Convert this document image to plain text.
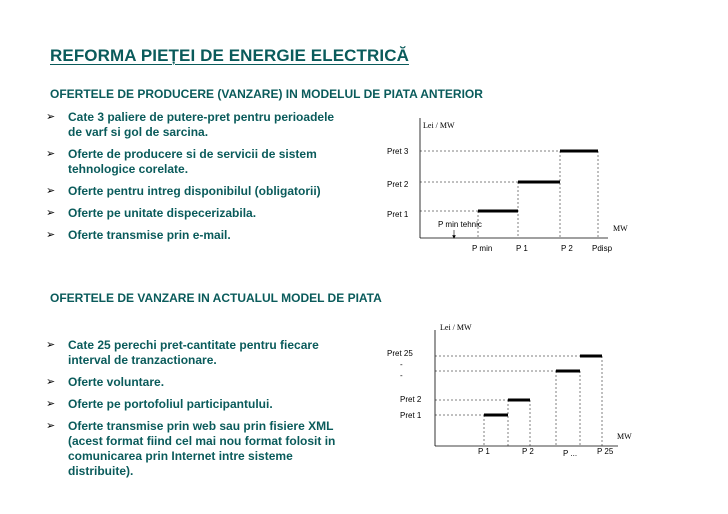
REFORMA PIEȚEI DE ENERGIE ELECTRICĂ
OFERTELE DE PRODUCERE (VANZARE) IN MODELUL DE PIATA ANTERIOR
➢ Cate 3 paliere de putere-pret pentru perioadele de varf si gol de sarcina.
➢ Oferte de producere si de servicii de sistem tehnologice corelate.
➢ Oferte pentru intreg disponibilul (obligatorii)
➢ Oferte pe unitate dispecerizabila.
➢ Oferte transmise prin e-mail.
Lei / MW
MW
Pret 3
Pret 2
Pret 1
P min tehnic
P min	P 1	P 2 Pdisp
OFERTELE DE VANZARE IN ACTUALUL MODEL DE PIATA
➢ Cate 25 perechi pret-cantitate pentru fiecare interval de tranzactionare.
➢ Oferte voluntare.
➢ Oferte pe portofoliul participantului.
➢ Oferte transmise prin web sau prin fisiere XML (acest format fiind cel mai nou format folosit in comunicarea prin Internet intre sisteme distribuite).
Lei / MW
MW
Pret 25
-
-
Pret 2
Pret 1
P 1	P 2	P ... P 25
